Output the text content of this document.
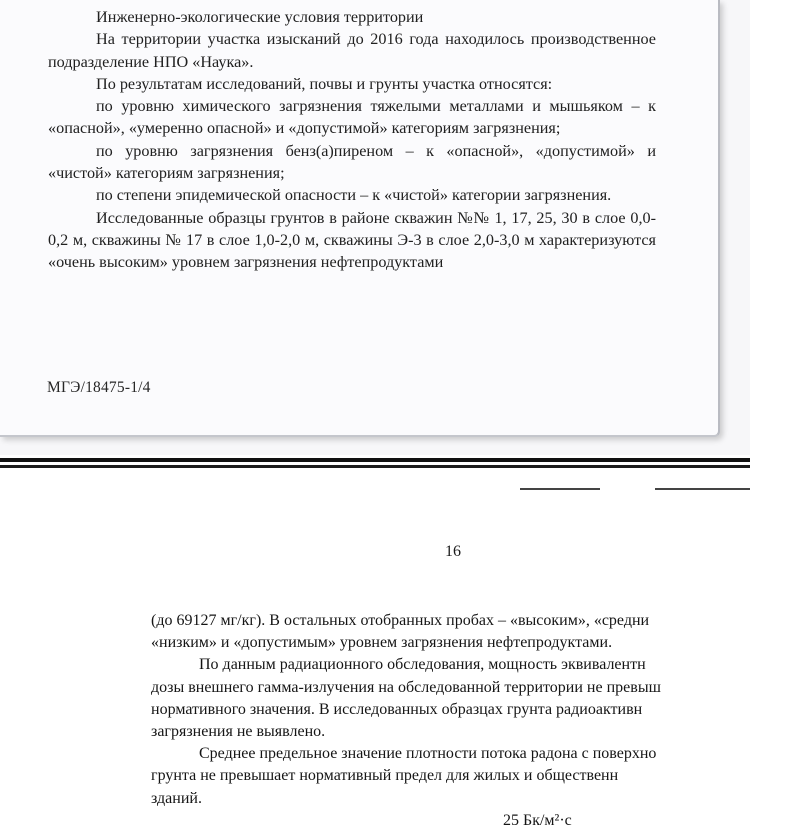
Инженерно-экологические условия территории

На территории участка изысканий до 2016 года находилось производственное подразделение НПО «Наука».

По результатам исследований, почвы и грунты участка относятся:

по уровню химического загрязнения тяжелыми металлами и мышьяком – к «опасной», «умеренно опасной» и «допустимой» категориям загрязнения;

по уровню загрязнения бенз(а)пиреном – к «опасной», «допустимой» и «чистой» категориям загрязнения;

по степени эпидемической опасности – к «чистой» категории загрязнения.

Исследованные образцы грунтов в районе скважин №№ 1, 17, 25, 30 в слое 0,0-0,2 м, скважины № 17 в слое 1,0-2,0 м, скважины Э-3 в слое 2,0-3,0 м характеризуются «очень высоким» уровнем загрязнения нефтепродуктами

МГЭ/18475-1/4
16
(до 69127 мг/кг). В остальных отобранных пробах – «высоким», «средни
«низким» и «допустимым» уровнем загрязнения нефтепродуктами.
По данным радиационного обследования, мощность эквивалентн
дозы внешнего гамма-излучения на обследованной территории не превыш
нормативного значения. В исследованных образцах грунта радиоактивн
загрязнения не выявлено.
Среднее предельное значение плотности потока радона с поверхно
грунта не превышает нормативный предел для жилых и общественн
зданий.
25 Бк/м²·с
